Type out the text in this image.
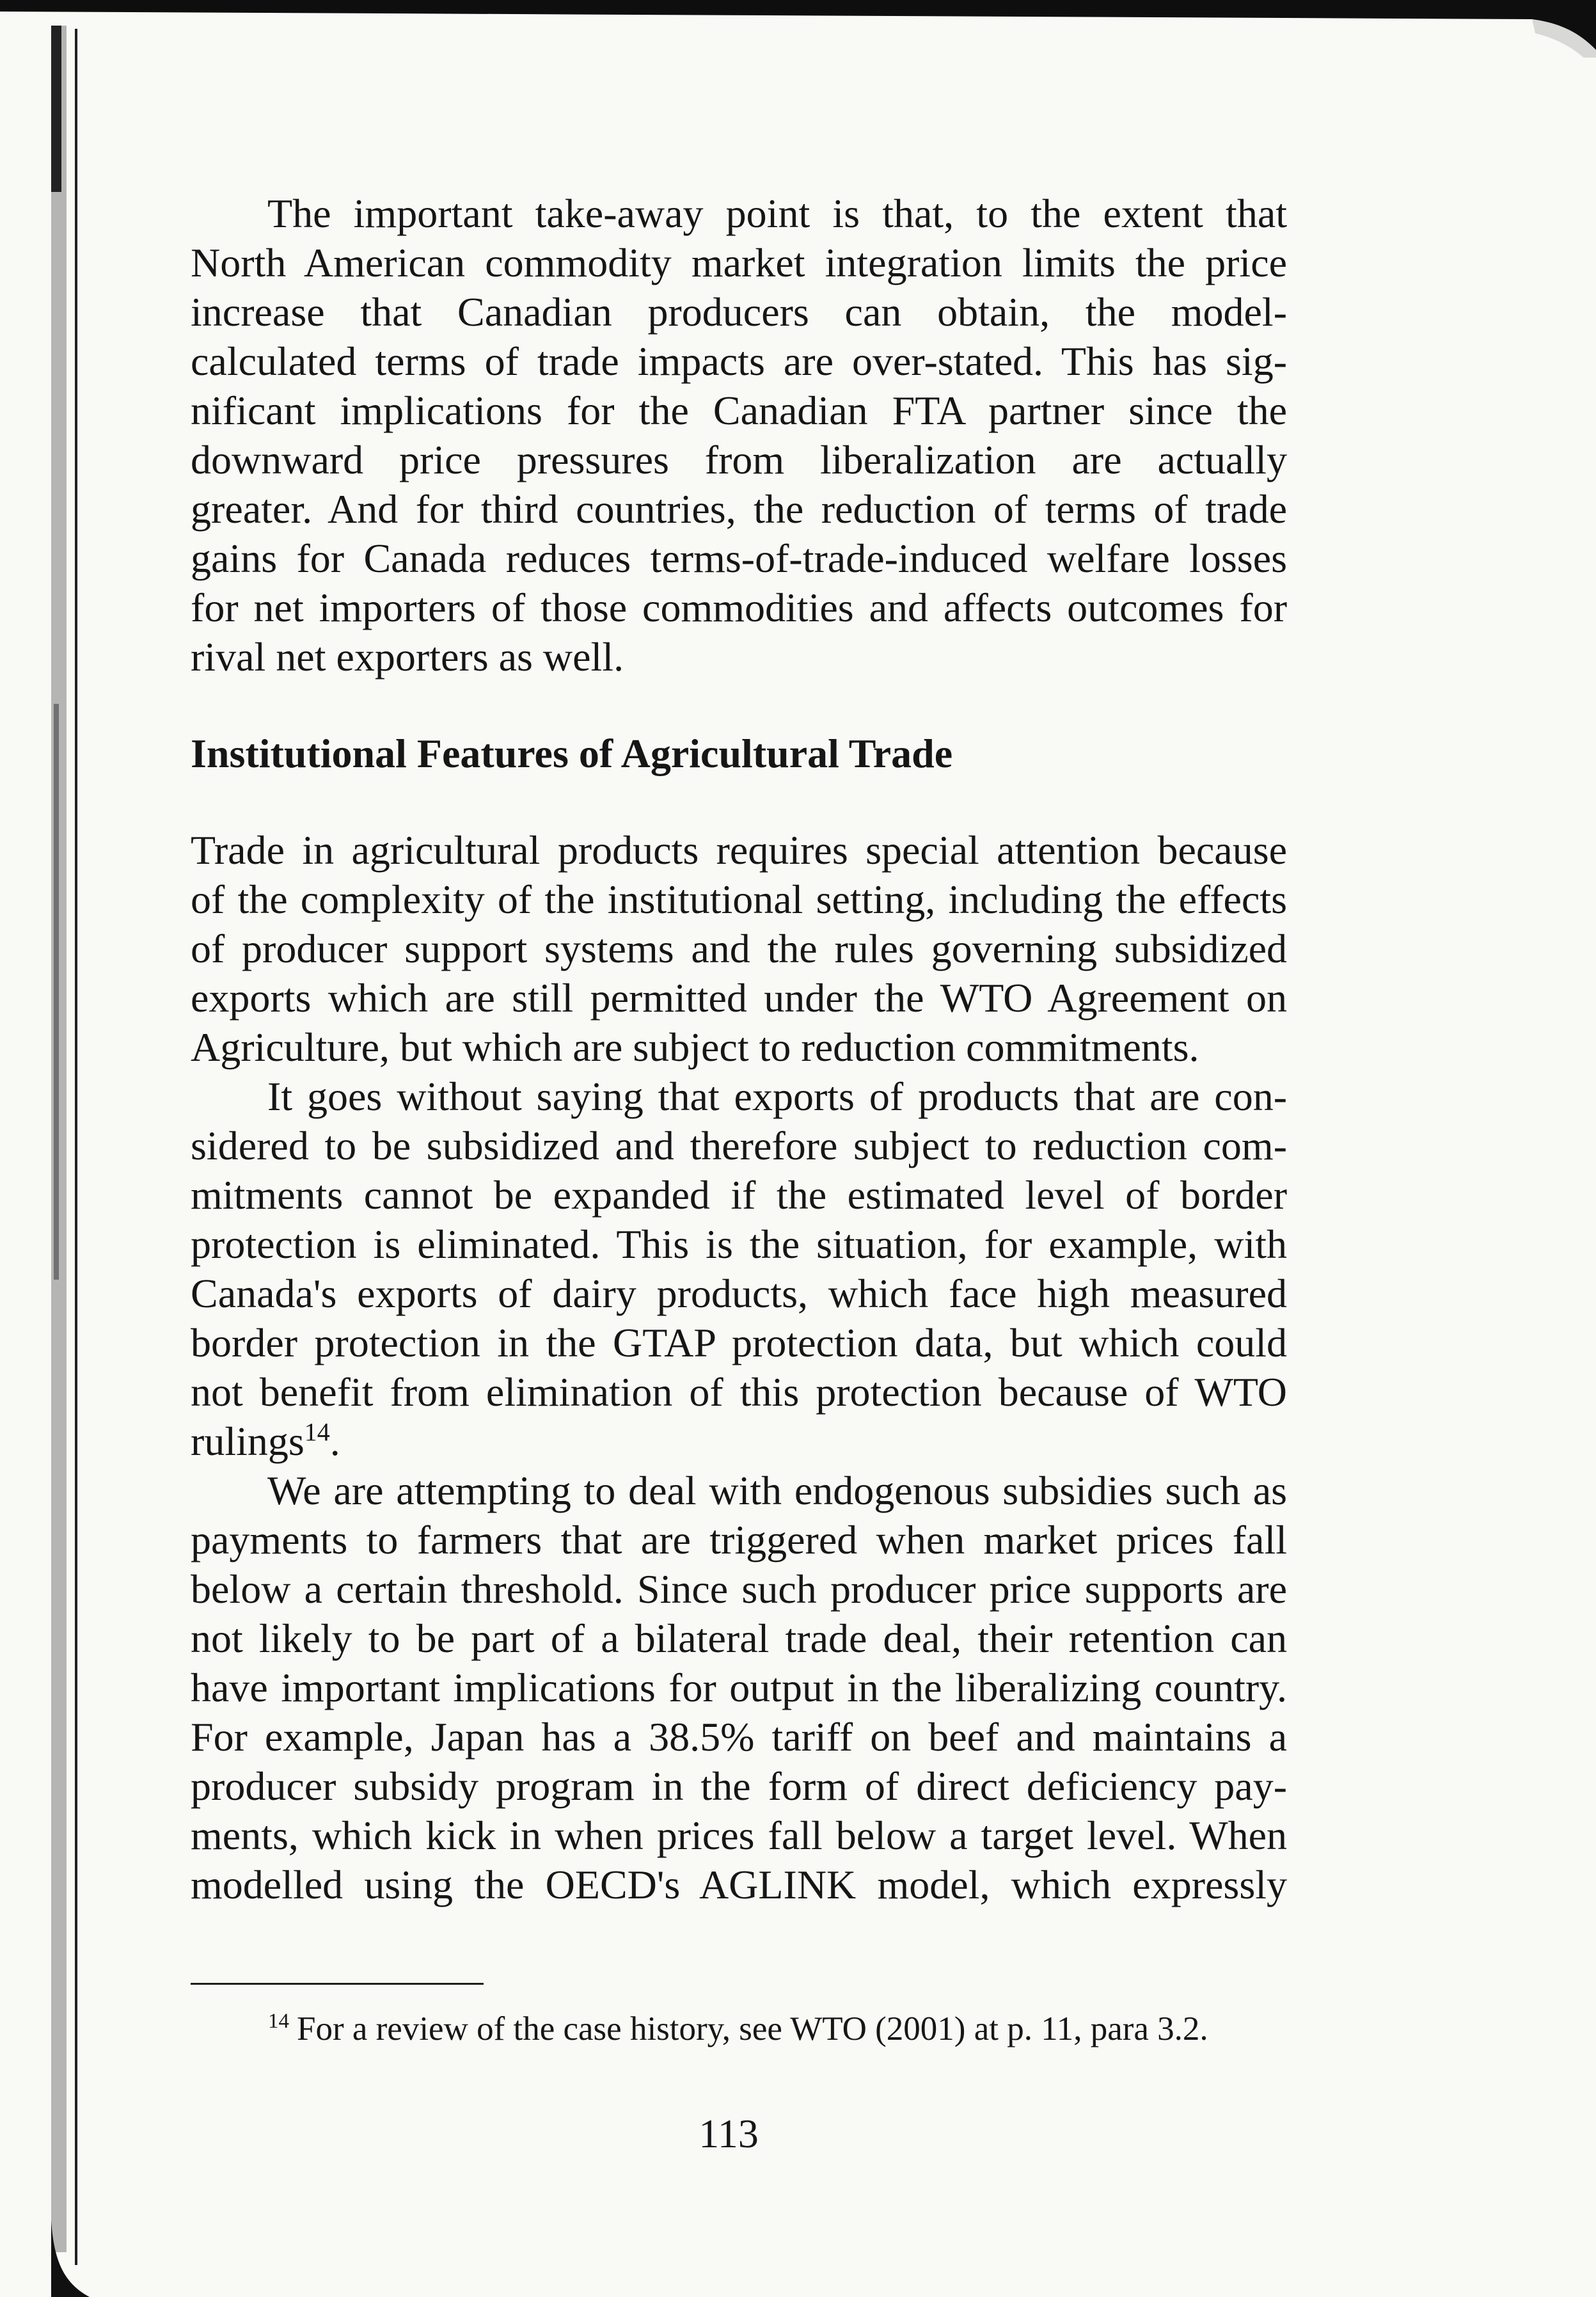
The important take-away point is that, to the extent that
North American commodity market integration limits the price
increase that Canadian producers can obtain, the model-
calculated terms of trade impacts are over-stated. This has sig-
nificant implications for the Canadian FTA partner since the
downward price pressures from liberalization are actually
greater. And for third countries, the reduction of terms of trade
gains for Canada reduces terms-of-trade-induced welfare losses
for net importers of those commodities and affects outcomes for
rival net exporters as well.
Institutional Features of Agricultural Trade
Trade in agricultural products requires special attention because
of the complexity of the institutional setting, including the effects
of producer support systems and the rules governing subsidized
exports which are still permitted under the WTO Agreement on
Agriculture, but which are subject to reduction commitments.
It goes without saying that exports of products that are con-
sidered to be subsidized and therefore subject to reduction com-
mitments cannot be expanded if the estimated level of border
protection is eliminated. This is the situation, for example, with
Canada's exports of dairy products, which face high measured
border protection in the GTAP protection data, but which could
not benefit from elimination of this protection because of WTO
rulings$^{14}$.
We are attempting to deal with endogenous subsidies such as
payments to farmers that are triggered when market prices fall
below a certain threshold. Since such producer price supports are
not likely to be part of a bilateral trade deal, their retention can
have important implications for output in the liberalizing country.
For example, Japan has a 38.5% tariff on beef and maintains a
producer subsidy program in the form of direct deficiency pay-
ments, which kick in when prices fall below a target level. When
modelled using the OECD's AGLINK model, which expressly
14 For a review of the case history, see WTO (2001) at p. 11, para 3.2.
113
